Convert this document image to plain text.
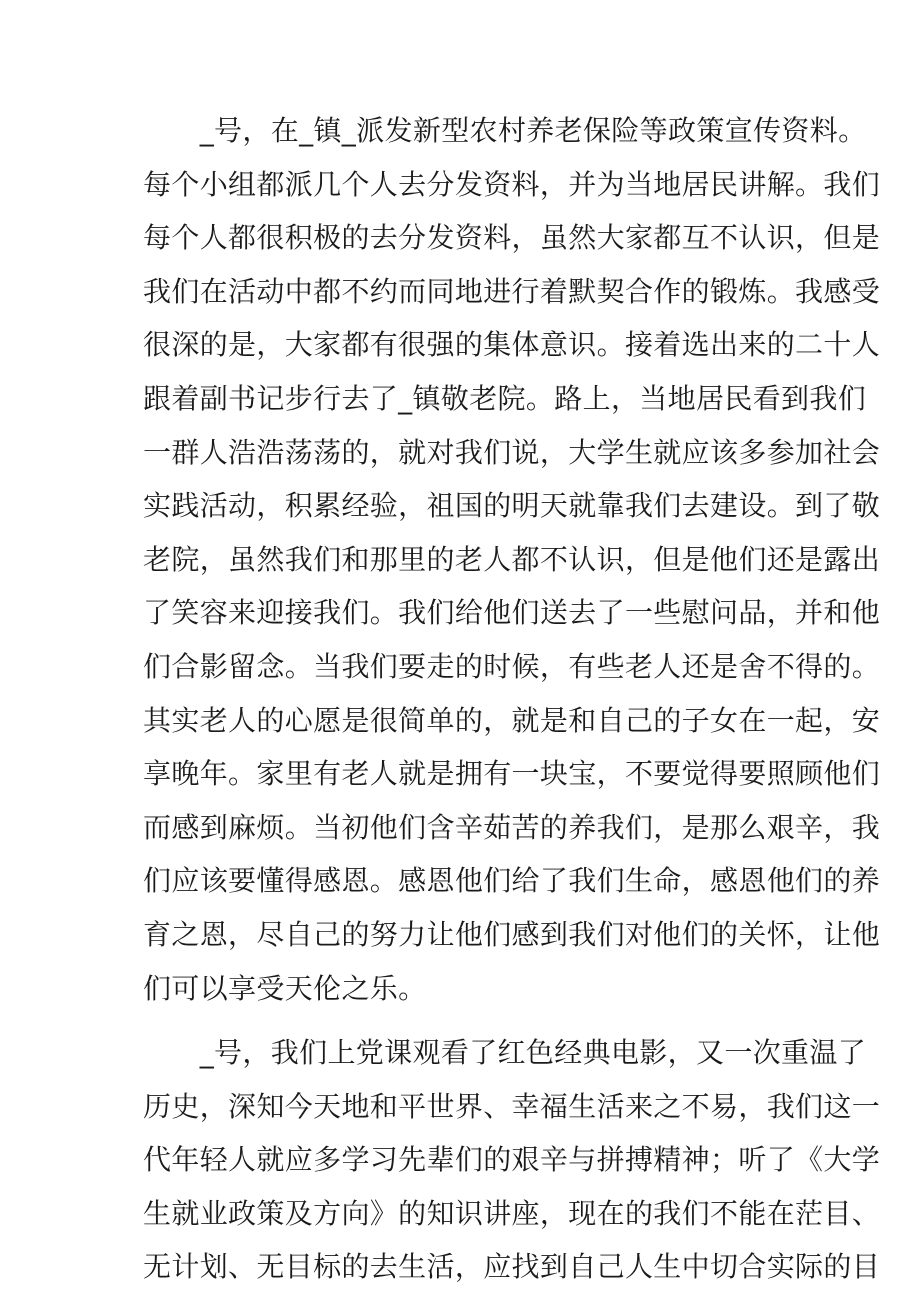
　　_号，在_镇_派发新型农村养老保险等政策宣传资料。
每个小组都派几个人去分发资料，并为当地居民讲解。我们
每个人都很积极的去分发资料，虽然大家都互不认识，但是
我们在活动中都不约而同地进行着默契合作的锻炼。我感受
很深的是，大家都有很强的集体意识。接着选出来的二十人
跟着副书记步行去了_镇敬老院。路上，当地居民看到我们
一群人浩浩荡荡的，就对我们说，大学生就应该多参加社会
实践活动，积累经验，祖国的明天就靠我们去建设。到了敬
老院，虽然我们和那里的老人都不认识，但是他们还是露出
了笑容来迎接我们。我们给他们送去了一些慰问品，并和他
们合影留念。当我们要走的时候，有些老人还是舍不得的。
其实老人的心愿是很简单的，就是和自己的子女在一起，安
享晚年。家里有老人就是拥有一块宝，不要觉得要照顾他们
而感到麻烦。当初他们含辛茹苦的养我们，是那么艰辛，我
们应该要懂得感恩。感恩他们给了我们生命，感恩他们的养
育之恩，尽自己的努力让他们感到我们对他们的关怀，让他
们可以享受天伦之乐。
　　_号，我们上党课观看了红色经典电影，又一次重温了
历史，深知今天地和平世界、幸福生活来之不易，我们这一
代年轻人就应多学习先辈们的艰辛与拼搏精神；听了《大学
生就业政策及方向》的知识讲座，现在的我们不能在茫目、
无计划、无目标的去生活，应找到自己人生中切合实际的目
